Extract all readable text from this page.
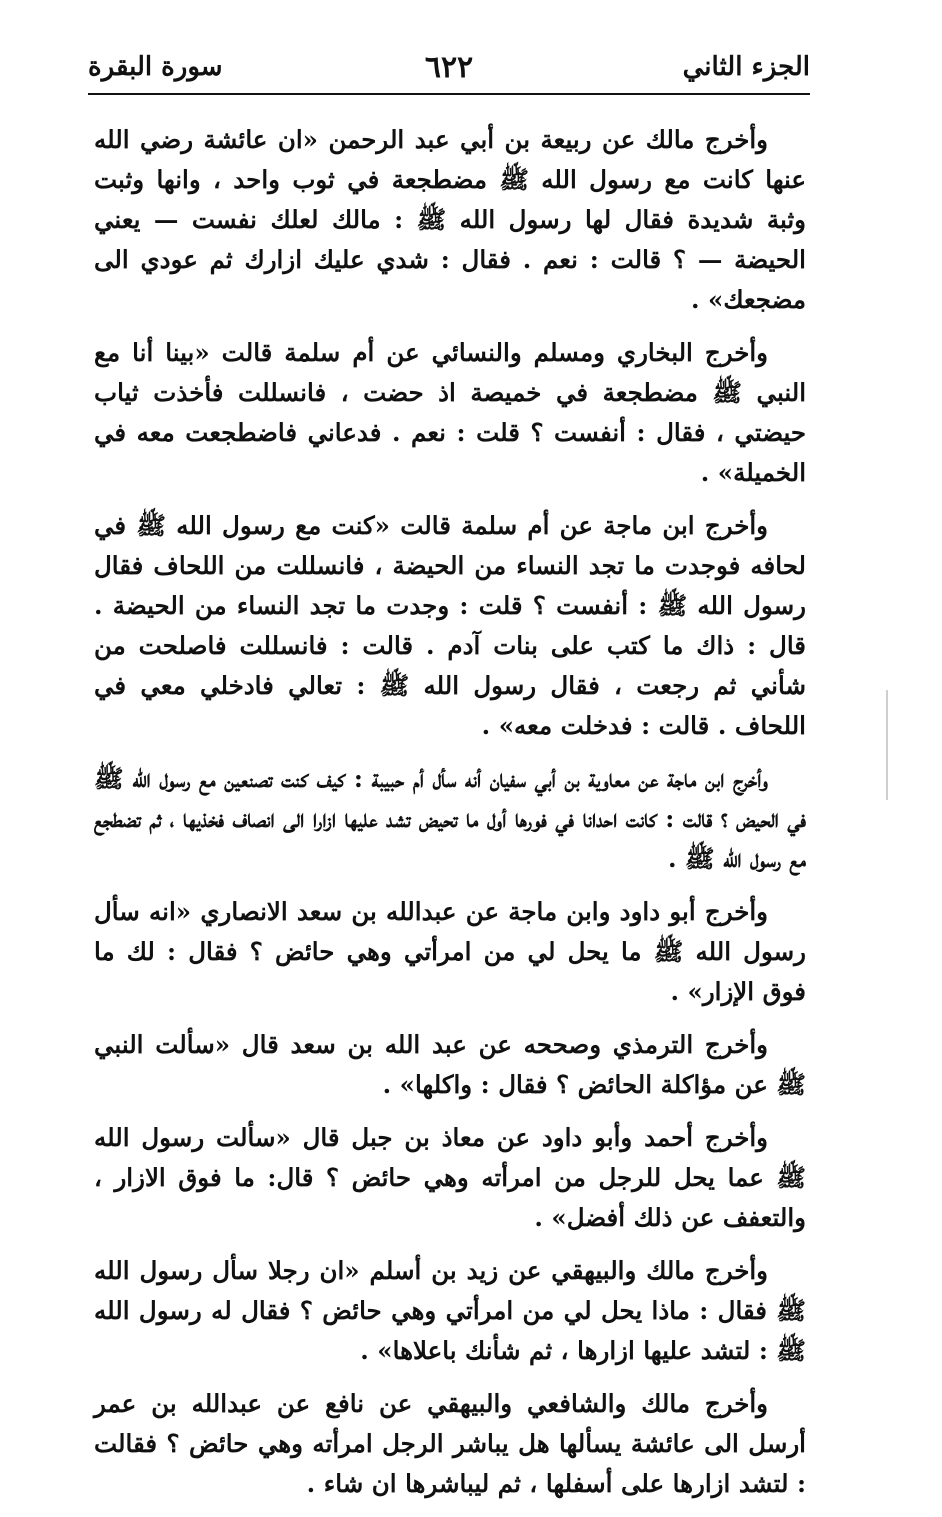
الجزء الثاني
٦٢٢
سورة البقرة

وأخرج مالك عن ربيعة بن أبي عبد الرحمن «ان عائشة رضي الله عنها كانت مع رسول الله ﷺ مضطجعة في ثوب واحد ، وانها وثبت وثبة شديدة فقال لها رسول الله ﷺ : مالك لعلك نفست — يعني الحيضة — ؟ قالت : نعم . فقال : شدي عليك ازارك ثم عودي الى مضجعك» .

وأخرج البخاري ومسلم والنسائي عن أم سلمة قالت «بينا أنا مع النبي ﷺ مضطجعة في خميصة اذ حضت ، فانسللت فأخذت ثياب حيضتي ، فقال : أنفست ؟ قلت : نعم . فدعاني فاضطجعت معه في الخميلة» .

وأخرج ابن ماجة عن أم سلمة قالت «كنت مع رسول الله ﷺ في لحافه فوجدت ما تجد النساء من الحيضة ، فانسللت من اللحاف فقال رسول الله ﷺ : أنفست ؟ قلت : وجدت ما تجد النساء من الحيضة . قال : ذاك ما كتب على بنات آدم . قالت : فانسللت فاصلحت من شأني ثم رجعت ، فقال رسول الله ﷺ : تعالي فادخلي معي في اللحاف . قالت : فدخلت معه» .

وأخرج ابن ماجة عن معاوية بن أبي سفيان أنه سأل أم حبيبة : كيف كنت تصنعين مع رسول الله ﷺ في الحيض ؟ قالت : كانت احدانا في فورها أول ما تحيض تشد عليها ازارا الى انصاف فخذيها ، ثم تضطجع مع رسول الله ﷺ .

وأخرج أبو داود وابن ماجة عن عبدالله بن سعد الانصاري «انه سأل رسول الله ﷺ ما يحل لي من امرأتي وهي حائض ؟ فقال : لك ما فوق الإزار» .

وأخرج الترمذي وصححه عن عبد الله بن سعد قال «سألت النبي ﷺ عن مؤاكلة الحائض ؟ فقال : واكلها» .

وأخرج أحمد وأبو داود عن معاذ بن جبل قال «سألت رسول الله ﷺ عما يحل للرجل من امرأته وهي حائض ؟ قال: ما فوق الازار ، والتعفف عن ذلك أفضل» .

وأخرج مالك والبيهقي عن زيد بن أسلم «ان رجلا سأل رسول الله ﷺ فقال : ماذا يحل لي من امرأتي وهي حائض ؟ فقال له رسول الله ﷺ : لتشد عليها ازارها ، ثم شأنك باعلاها» .

وأخرج مالك والشافعي والبيهقي عن نافع عن عبدالله بن عمر أرسل الى عائشة يسألها هل يباشر الرجل امرأته وهي حائض ؟ فقالت : لتشد ازارها على أسفلها ، ثم ليباشرها ان شاء .
